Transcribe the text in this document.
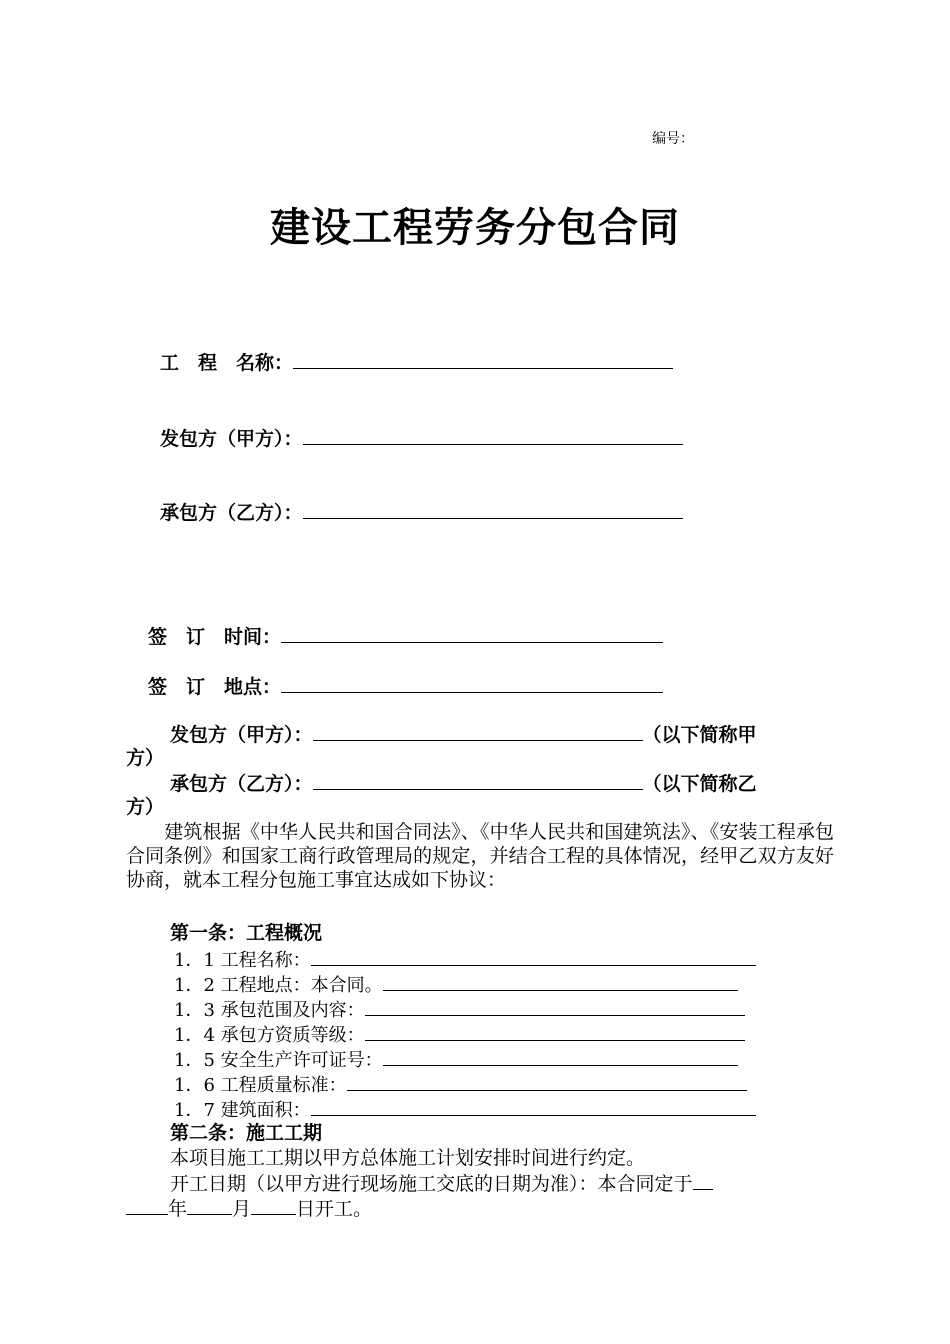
编号：
建设工程劳务分包合同
工　程　名称：
发包方（甲方）：
承包方（乙方）：
签　订　时间：
签　订　地点：
发包方（甲方）：	（以下简称甲
方）
承包方（乙方）：	（以下简称乙
方）
　　建筑根据《中华人民共和国合同法》、《中华人民共和国建筑法》、《安装工程承包合同条例》和国家工商行政管理局的规定，并结合工程的具体情况，经甲乙双方友好协商，就本工程分包施工事宜达成如下协议：
第一条：工程概况
1．1 工程名称：
1．2 工程地点：本合同。
1．3 承包范围及内容：
1．4 承包方资质等级：
1．5 安全生产许可证号：
1．6 工程质量标准：
1．7 建筑面积：
第二条：施工工期
本项目施工工期以甲方总体施工计划安排时间进行约定。
开工日期（以甲方进行现场施工交底的日期为准）：本合同定于
年 月 日开工。
